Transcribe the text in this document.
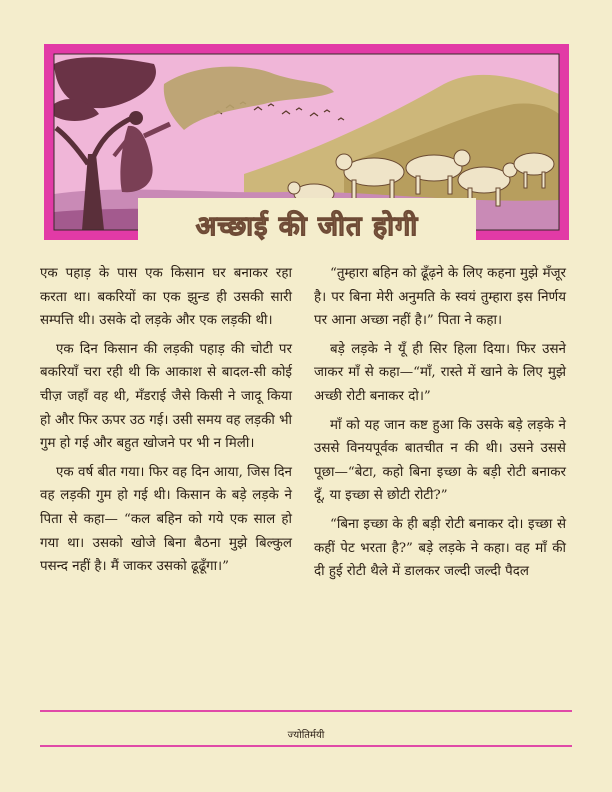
अच्छाई की जीत होगी

एक पहाड़ के पास एक किसान घर बनाकर रहा करता था। बकरियों का एक झुन्ड ही उसकी सारी सम्पत्ति थी। उसके दो लड़के और एक लड़की थी।

एक दिन किसान की लड़की पहाड़ की चोटी पर बकरियाँ चरा रही थी कि आकाश से बादल-सी कोई चीज़ जहाँ वह थी, मँडराई जैसे किसी ने जादू किया हो और फिर ऊपर उठ गई। उसी समय वह लड़की भी गुम हो गई और बहुत खोजने पर भी न मिली।

एक वर्ष बीत गया। फिर वह दिन आया, जिस दिन वह लड़की गुम हो गई थी। किसान के बड़े लड़के ने पिता से कहा— “कल बहिन को गये एक साल हो गया था। उसको खोजे बिना बैठना मुझे बिल्कुल पसन्द नहीं है। मैं जाकर उसको ढूढूँगा।”

“तुम्हारा बहिन को ढूँढ़ने के लिए कहना मुझे मँजूर है। पर बिना मेरी अनुमति के स्वयं तुम्हारा इस निर्णय पर आना अच्छा नहीं है।” पिता ने कहा।

बड़े लड़के ने यूँ ही सिर हिला दिया। फिर उसने जाकर माँ से कहा—“माँ, रास्ते में खाने के लिए मुझे अच्छी रोटी बनाकर दो।”

माँ को यह जान कष्ट हुआ कि उसके बड़े लड़के ने उससे विनयपूर्वक बातचीत न की थी। उसने उससे पूछा—“बेटा, कहो बिना इच्छा के बड़ी रोटी बनाकर दूँ, या इच्छा से छोटी रोटी?”

“बिना इच्छा के ही बड़ी रोटी बनाकर दो। इच्छा से कहीं पेट भरता है?” बड़े लड़के ने कहा। वह माँ की दी हुई रोटी थैले में डालकर जल्दी जल्दी पैदल

ज्योतिर्मयी
